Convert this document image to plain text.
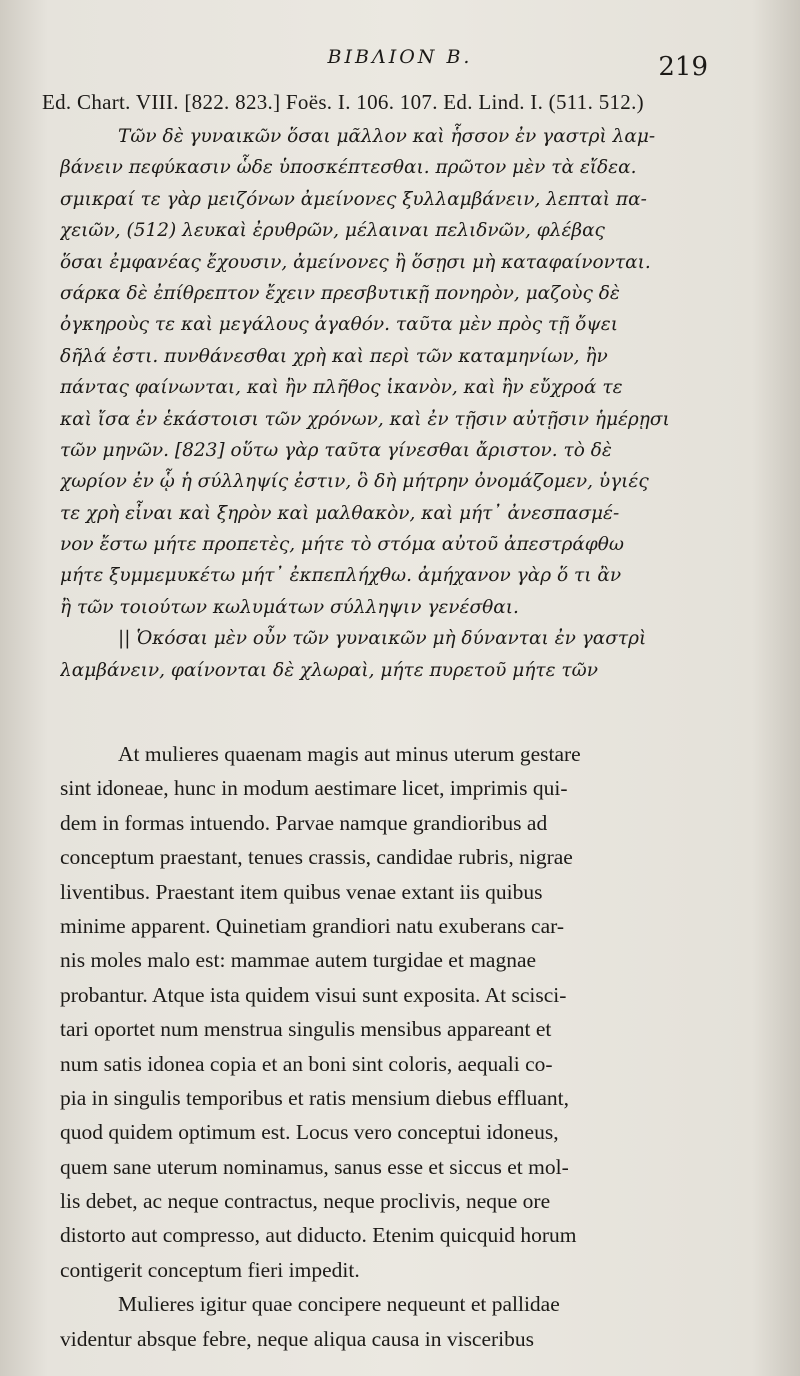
ΒΙΒΛΙΟΝ Β.	219
Ed. Chart. VIII. [822. 823.] Foës. I. 106. 107. Ed. Lind. I. (511. 512.)
Τῶν δὲ γυναικῶν ὅσαι μᾶλλον καὶ ἧσσον ἐν γαστρὶ λαμ-
βάνειν πεφύκασιν ὧδε ὑποσκέπτεσθαι. πρῶτον μὲν τὰ εἴδεα.
σμικραί τε γὰρ μειζόνων ἀμείνονες ξυλλαμβάνειν, λεπταὶ πα-
χειῶν, (512) λευκαὶ ἐρυθρῶν, μέλαιναι πελιδνῶν, φλέβας
ὅσαι ἐμφανέας ἔχουσιν, ἀμείνονες ἢ ὅσῃσι μὴ καταφαίνονται.
σάρκα δὲ ἐπίθρεπτον ἔχειν πρεσβυτικῇ πονηρὸν, μαζοὺς δὲ
ὀγκηροὺς τε καὶ μεγάλους ἀγαθόν. ταῦτα μὲν πρὸς τῇ ὄψει
δῆλά ἐστι. πυνθάνεσθαι χρὴ καὶ περὶ τῶν καταμηνίων, ἢν
πάντας φαίνωνται, καὶ ἢν πλῆθος ἱκανὸν, καὶ ἢν εὔχροά τε
καὶ ἴσα ἐν ἑκάστοισι τῶν χρόνων, καὶ ἐν τῇσιν αὐτῇσιν ἡμέρῃσι
τῶν μηνῶν. [823] οὕτω γὰρ ταῦτα γίνεσθαι ἄριστον. τὸ δὲ
χωρίον ἐν ᾧ ἡ σύλληψίς ἐστιν, ὃ δὴ μήτρην ὀνομάζομεν, ὑγιές
τε χρὴ εἶναι καὶ ξηρὸν καὶ μαλθακὸν, καὶ μήτ᾽ ἀνεσπασμέ-
νον ἔστω μήτε προπετὲς, μήτε τὸ στόμα αὐτοῦ ἀπεστράφθω
μήτε ξυμμεμυκέτω μήτ᾽ ἐκπεπλήχθω. ἀμήχανον γὰρ ὅ τι ἂν
ἢ τῶν τοιούτων κωλυμάτων σύλληψιν γενέσθαι.
|| Ὁκόσαι μὲν οὖν τῶν γυναικῶν μὴ δύνανται ἐν γαστρὶ
λαμβάνειν, φαίνονται δὲ χλωραὶ, μήτε πυρετοῦ μήτε τῶν
At mulieres quaenam magis aut minus uterum gestare
sint idoneae, hunc in modum aestimare licet, imprimis qui-
dem in formas intuendo. Parvae namque grandioribus ad
conceptum praestant, tenues crassis, candidae rubris, nigrae
liventibus. Praestant item quibus venae extant iis quibus
minime apparent. Quinetiam grandiori natu exuberans car-
nis moles malo est: mammae autem turgidae et magnae
probantur. Atque ista quidem visui sunt exposita. At sciscі-
tari oportet num menstrua singulis mensibus appareant et
num satis idonea copia et an boni sint coloris, aequali co-
pia in singulis temporibus et ratis mensium diebus effluant,
quod quidem optimum est. Locus vero conceptui idoneus,
quem sane uterum nominamus, sanus esse et siccus et mol-
lis debet, ac neque contractus, neque proclivis, neque ore
distorto aut compresso, aut diducto. Etenim quicquid horum
contigerit conceptum fieri impedit.
Mulieres igitur quae concipere nequeunt et pallidae
videntur absque febre, neque aliqua causa in visceribus
